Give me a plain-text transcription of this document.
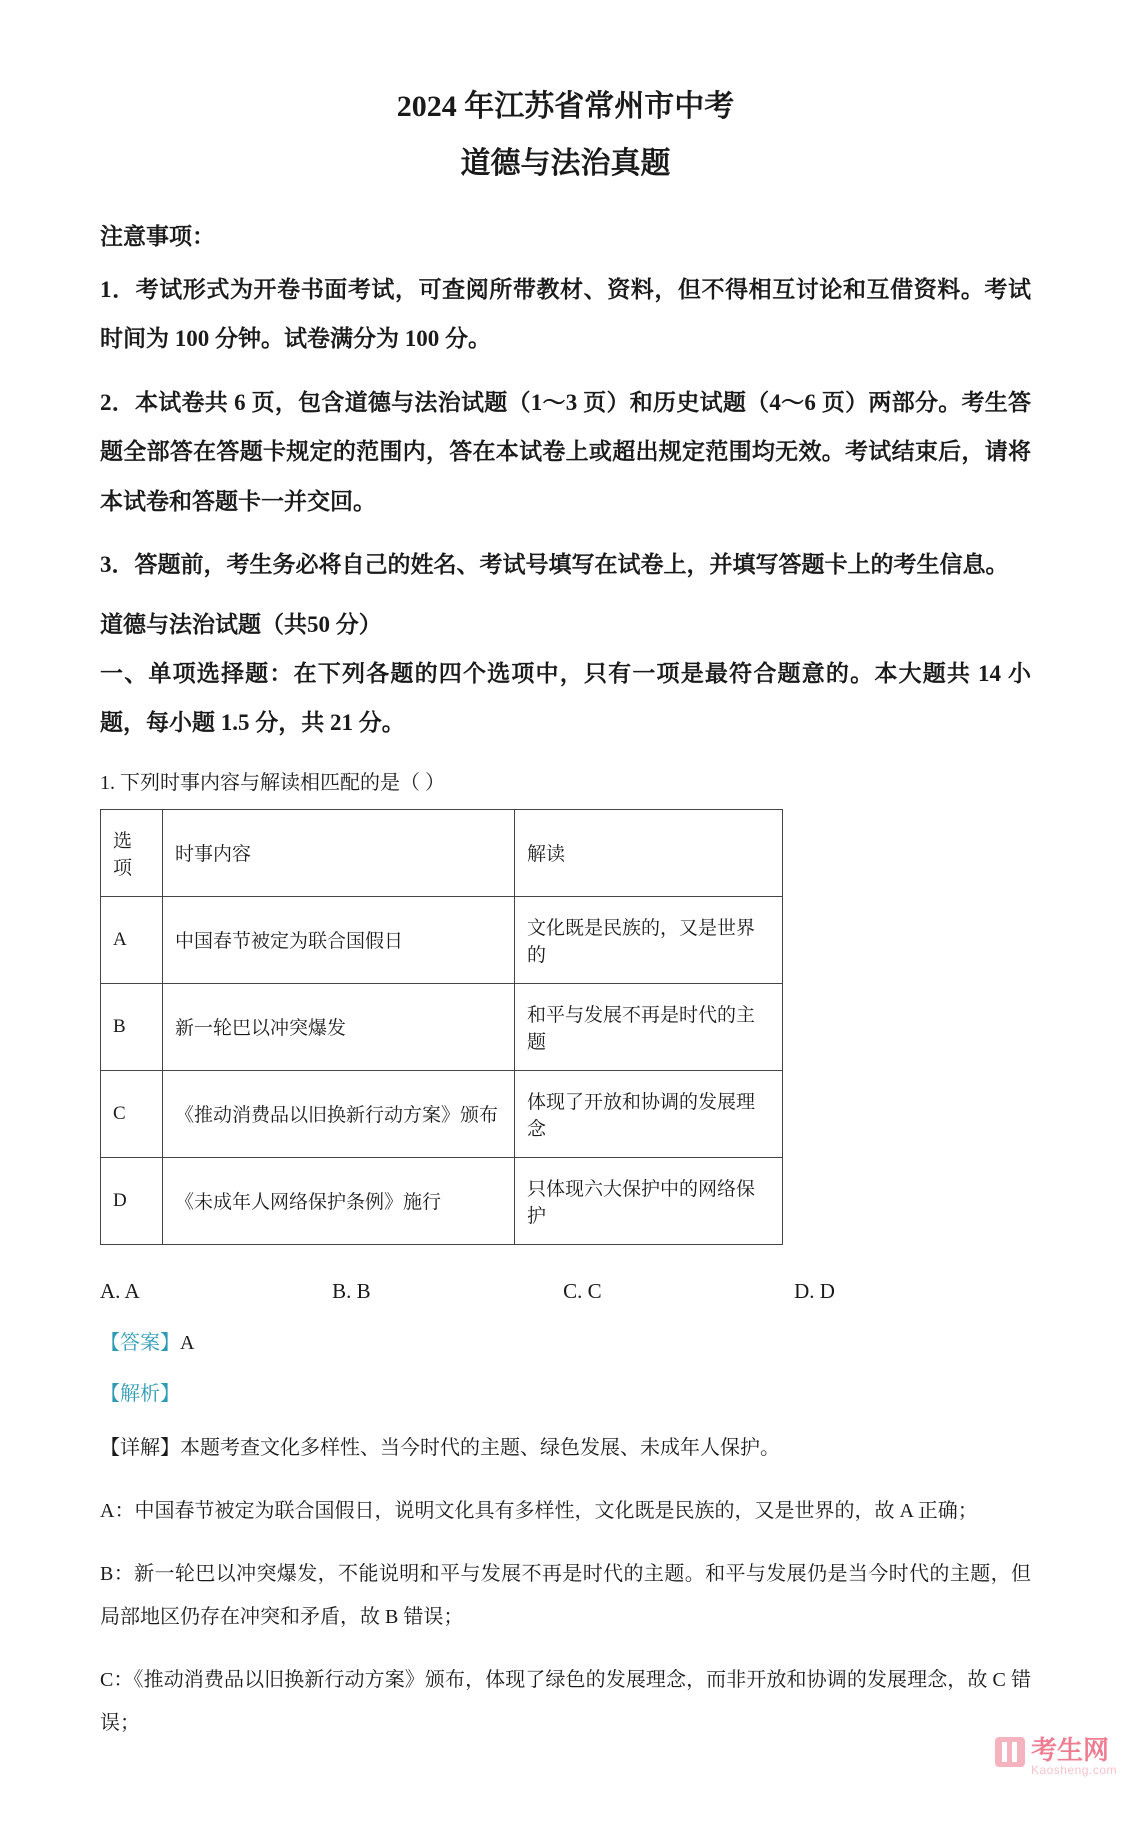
2024 年江苏省常州市中考
道德与法治真题
注意事项：

1．考试形式为开卷书面考试，可查阅所带教材、资料，但不得相互讨论和互借资料。考试时间为 100 分钟。试卷满分为 100 分。

2．本试卷共 6 页，包含道德与法治试题（1～3 页）和历史试题（4～6 页）两部分。考生答题全部答在答题卡规定的范围内，答在本试卷上或超出规定范围均无效。考试结束后，请将本试卷和答题卡一并交回。

3．答题前，考生务必将自己的姓名、考试号填写在试卷上，并填写答题卡上的考生信息。

道德与法治试题（共50 分）

一、单项选择题：在下列各题的四个选项中，只有一项是最符合题意的。本大题共 14 小题，每小题 1.5 分，共 21 分。

1. 下列时事内容与解读相匹配的是（ ）

选项	时事内容	解读
A	中国春节被定为联合国假日	文化既是民族的，又是世界的
B	新一轮巴以冲突爆发	和平与发展不再是时代的主题
C	《推动消费品以旧换新行动方案》颁布	体现了开放和协调的发展理念
D	《未成年人网络保护条例》施行	只体现六大保护中的网络保护
A. A	B. B	C. C	D. D
【答案】A
【解析】

【详解】本题考查文化多样性、当今时代的主题、绿色发展、未成年人保护。

A：中国春节被定为联合国假日，说明文化具有多样性，文化既是民族的，又是世界的，故 A 正确；

B：新一轮巴以冲突爆发，不能说明和平与发展不再是时代的主题。和平与发展仍是当今时代的主题，但局部地区仍存在冲突和矛盾，故 B 错误；

C：《推动消费品以旧换新行动方案》颁布，体现了绿色的发展理念，而非开放和协调的发展理念，故 C 错误；

考生网
Kaosheng.com
